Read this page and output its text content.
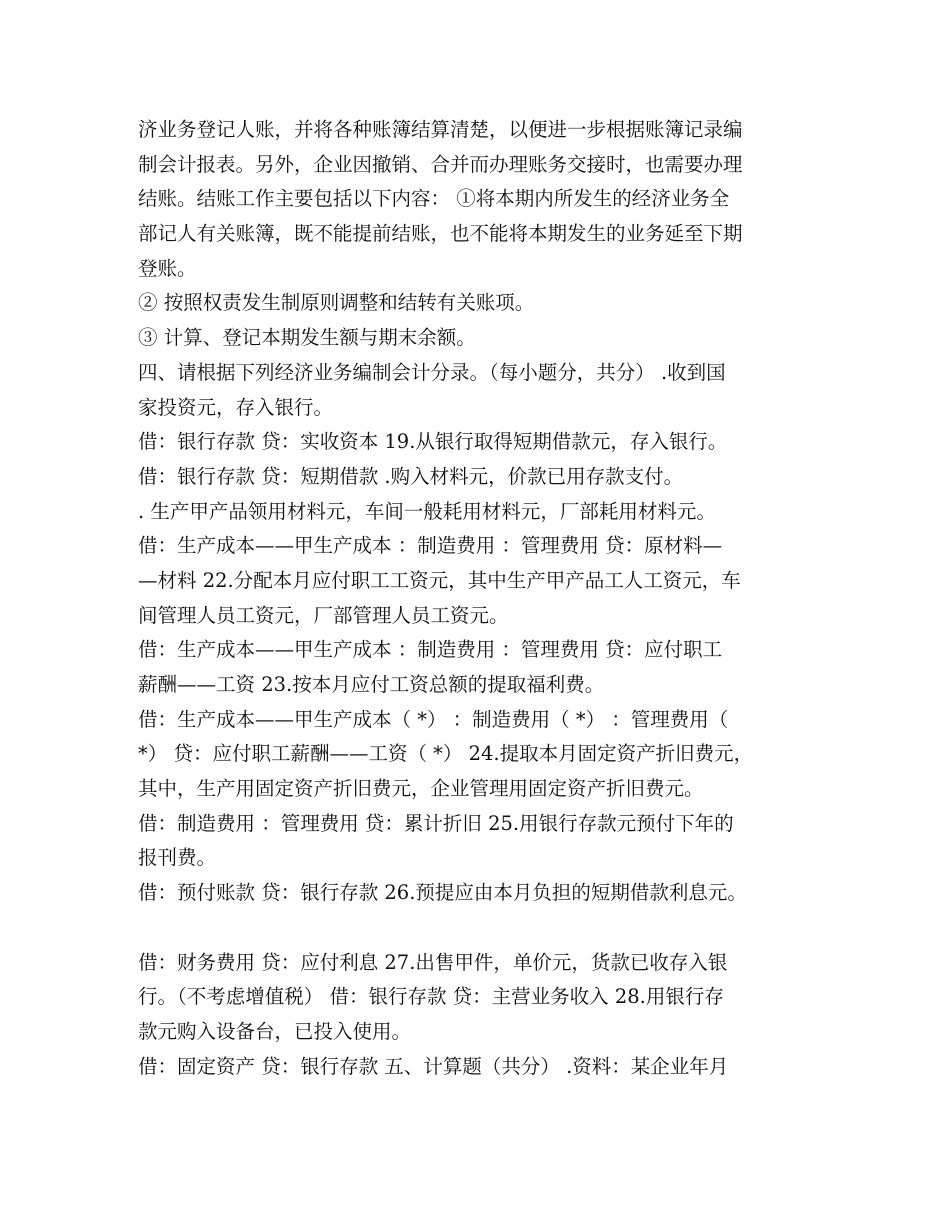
济业务登记人账，并将各种账簿结算清楚，以便进一步根据账簿记录编
制会计报表。另外，企业因撤销、合并而办理账务交接时，也需要办理
结账。结账工作主要包括以下内容： ①将本期内所发生的经济业务全
部记人有关账簿，既不能提前结账，也不能将本期发生的业务延至下期
登账。
② 按照权责发生制原则调整和结转有关账项。
③ 计算、登记本期发生额与期末余额。
四、请根据下列经济业务编制会计分录。（每小题分，共分） .收到国
家投资元，存入银行。
借：银行存款 贷：实收资本 19.从银行取得短期借款元，存入银行。
借：银行存款 贷：短期借款 .购入材料元，价款已用存款支付。
. 生产甲产品领用材料元，车间一般耗用材料元，厂部耗用材料元。
借：生产成本——甲生产成本 ：制造费用 ：管理费用 贷：原材料—
—材料 22.分配本月应付职工工资元，其中生产甲产品工人工资元，车
间管理人员工资元，厂部管理人员工资元。
借：生产成本——甲生产成本 ：制造费用 ：管理费用 贷：应付职工
薪酬——工资 23.按本月应付工资总额的提取福利费。
借：生产成本——甲生产成本（ *） ：制造费用（ *） ：管理费用（
*） 贷：应付职工薪酬——工资（ *） 24.提取本月固定资产折旧费元，
其中，生产用固定资产折旧费元，企业管理用固定资产折旧费元。
借：制造费用 ：管理费用 贷：累计折旧 25.用银行存款元预付下年的
报刊费。
借：预付账款 贷：银行存款 26.预提应由本月负担的短期借款利息元。
借：财务费用 贷：应付利息 27.出售甲件，单价元，货款已收存入银
行。（不考虑增值税） 借：银行存款 贷：主营业务收入 28.用银行存
款元购入设备台，已投入使用。
借：固定资产 贷：银行存款 五、计算题（共分） .资料：某企业年月
